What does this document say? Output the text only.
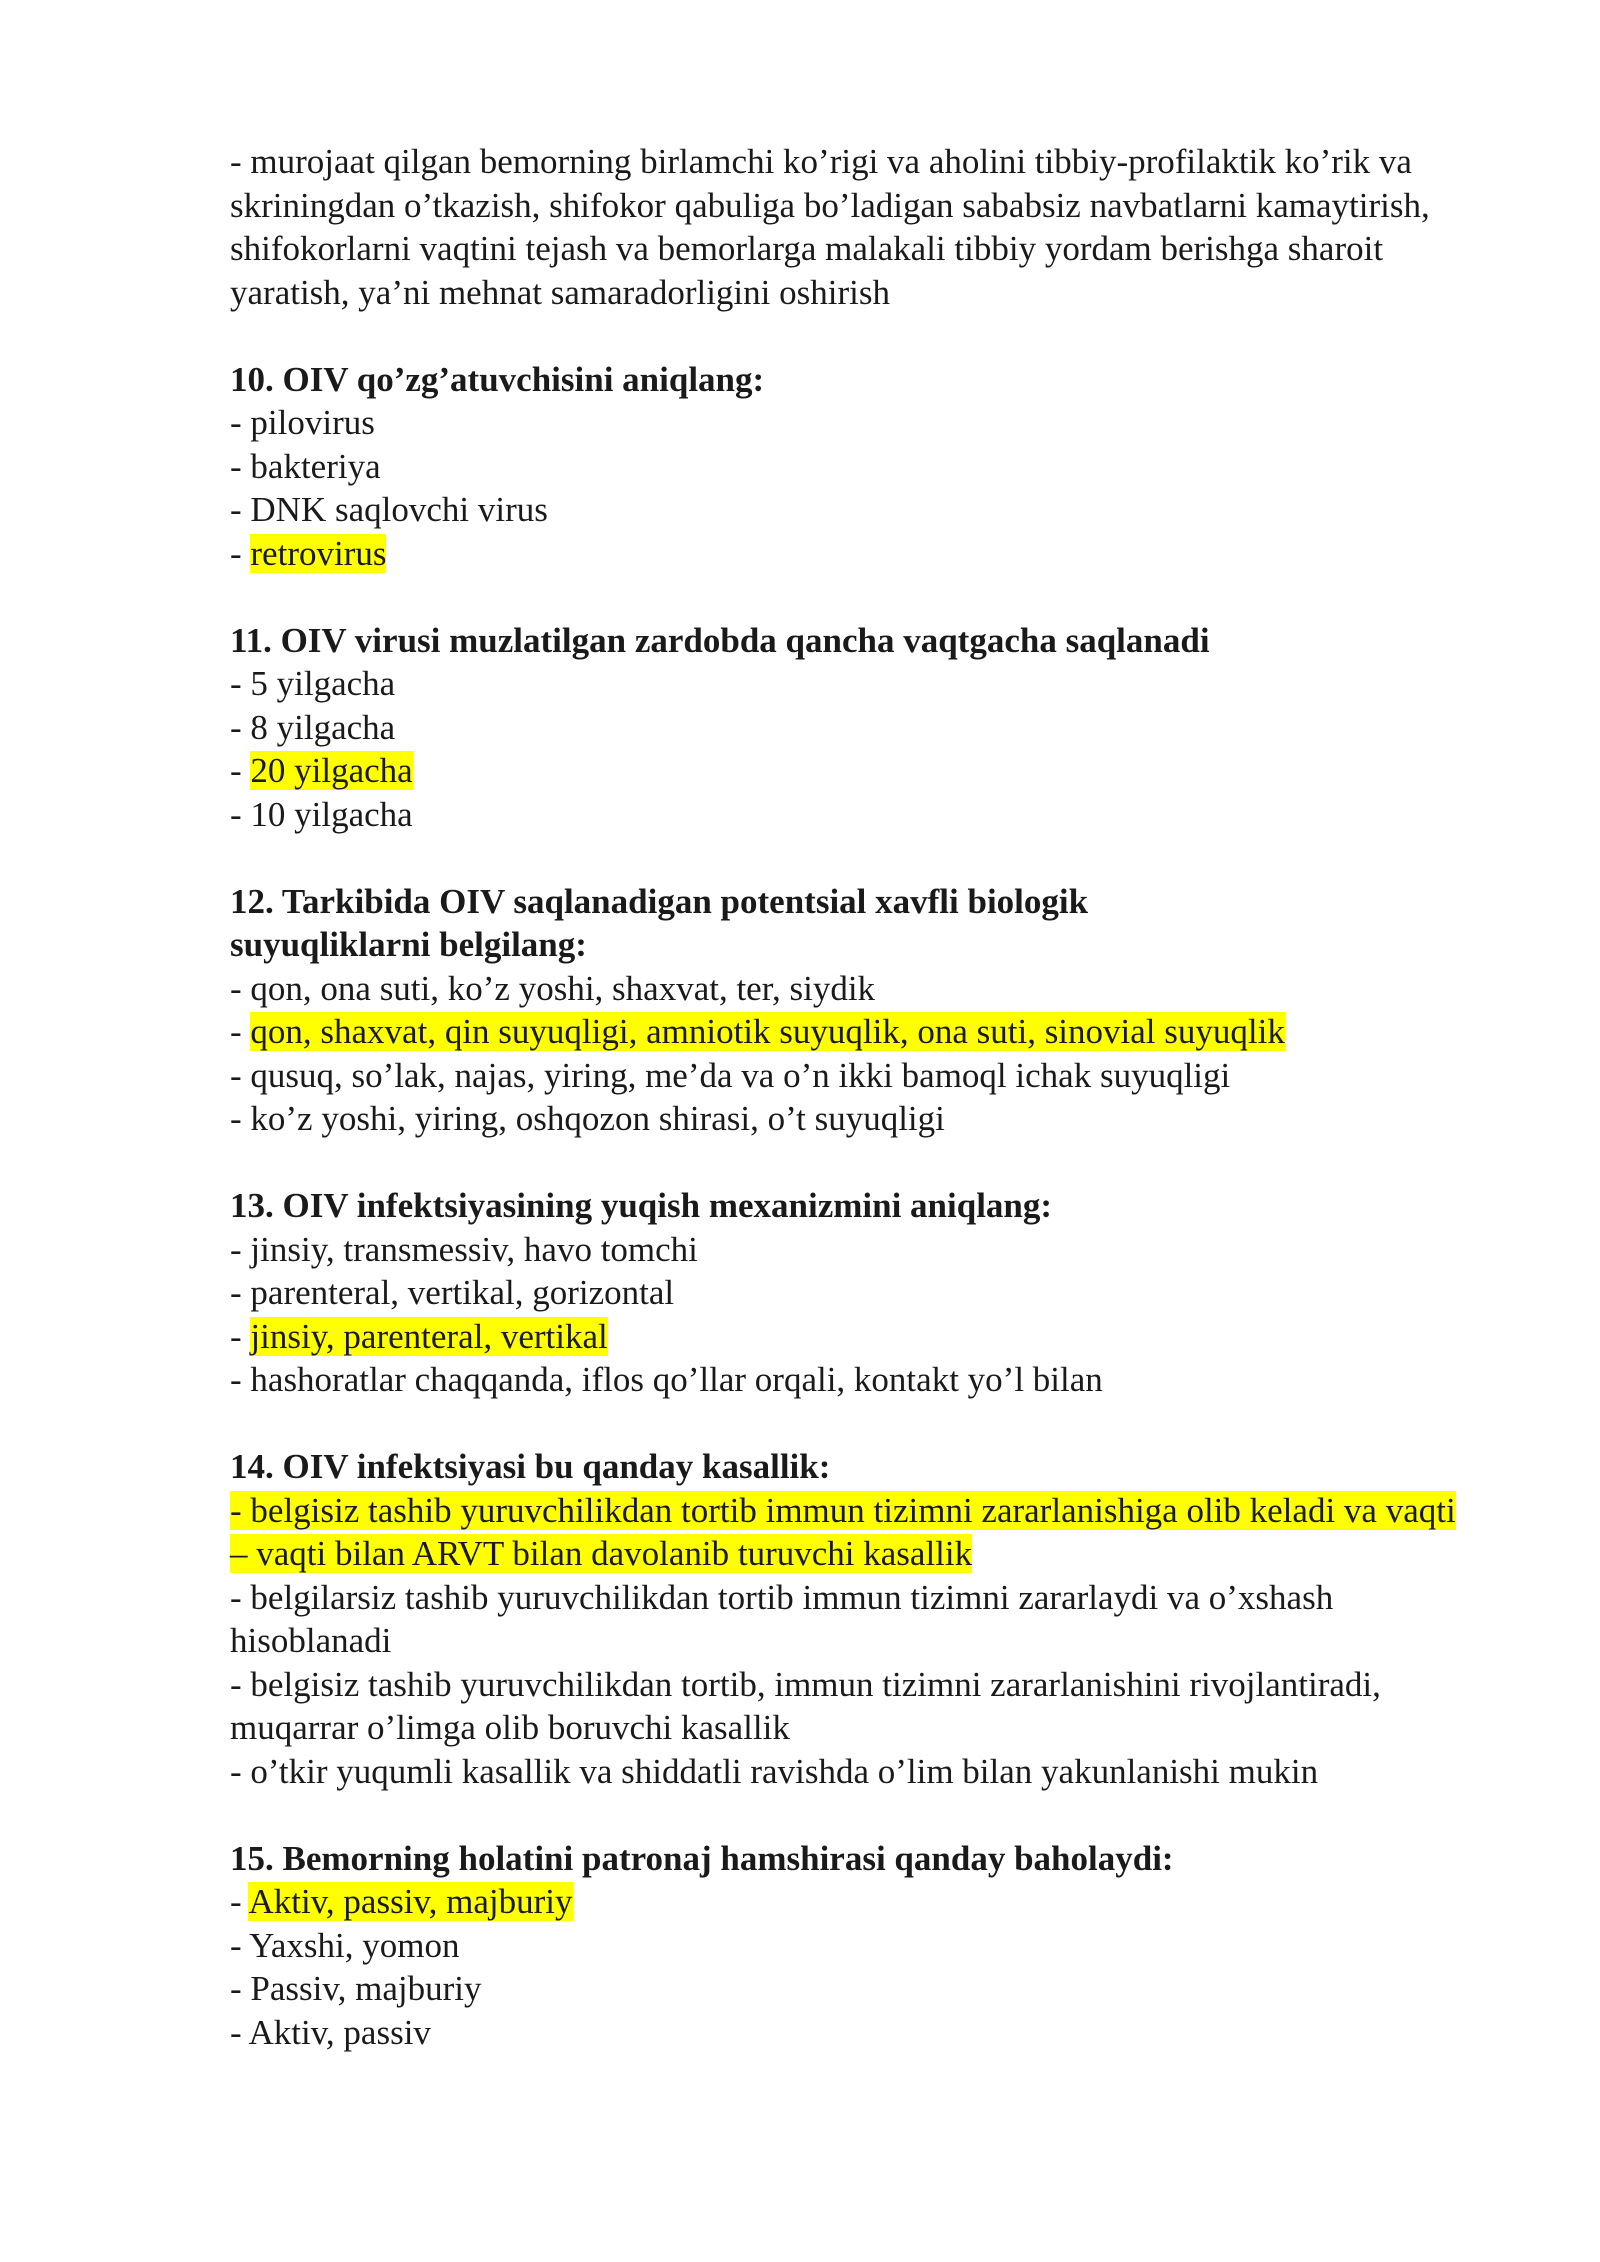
- murojaat qilgan bemorning birlamchi ko’rigi va aholini tibbiy-profilaktik ko’rik va skriningdan o’tkazish, shifokor qabuliga bo’ladigan sababsiz navbatlarni kamaytirish, shifokorlarni vaqtini tejash va bemorlarga malakali tibbiy yordam berishga sharoit yaratish, ya’ni mehnat samaradorligini oshirish

10. OIV qo’zg’atuvchisini aniqlang:

- pilovirus

- bakteriya

- DNK saqlovchi virus

- retrovirus

11. OIV virusi muzlatilgan zardobda qancha vaqtgacha saqlanadi

- 5 yilgacha

- 8 yilgacha

- 20 yilgacha

- 10 yilgacha

12. Tarkibida OIV saqlanadigan potentsial xavfli biologik suyuqliklarni belgilang:

- qon, ona suti, ko’z yoshi, shaxvat, ter, siydik

- qon, shaxvat, qin suyuqligi, amniotik suyuqlik, ona suti, sinovial suyuqlik

- qusuq, so’lak, najas, yiring, me’da va o’n ikki bamoql ichak suyuqligi

- ko’z yoshi, yiring, oshqozon shirasi, o’t suyuqligi

13. OIV infektsiyasining yuqish mexanizmini aniqlang:

- jinsiy, transmessiv, havo tomchi

- parenteral, vertikal, gorizontal

- jinsiy, parenteral, vertikal

- hashoratlar chaqqanda, iflos qo’llar orqali, kontakt yo’l bilan

14. OIV infektsiyasi bu qanday kasallik:

- belgisiz tashib yuruvchilikdan tortib immun tizimni zararlanishiga olib keladi va vaqti – vaqti bilan ARVT bilan davolanib turuvchi kasallik

- belgilarsiz tashib yuruvchilikdan tortib immun tizimni zararlaydi va o’xshash hisoblanadi

- belgisiz tashib yuruvchilikdan tortib, immun tizimni zararlanishini rivojlantiradi, muqarrar o’limga olib boruvchi kasallik

- o’tkir yuqumli kasallik va shiddatli ravishda o’lim bilan yakunlanishi mukin

15. Bemorning holatini patronaj hamshirasi qanday baholaydi:

- Aktiv, passiv, majburiy

- Yaxshi, yomon

- Passiv, majburiy

- Aktiv, passiv
